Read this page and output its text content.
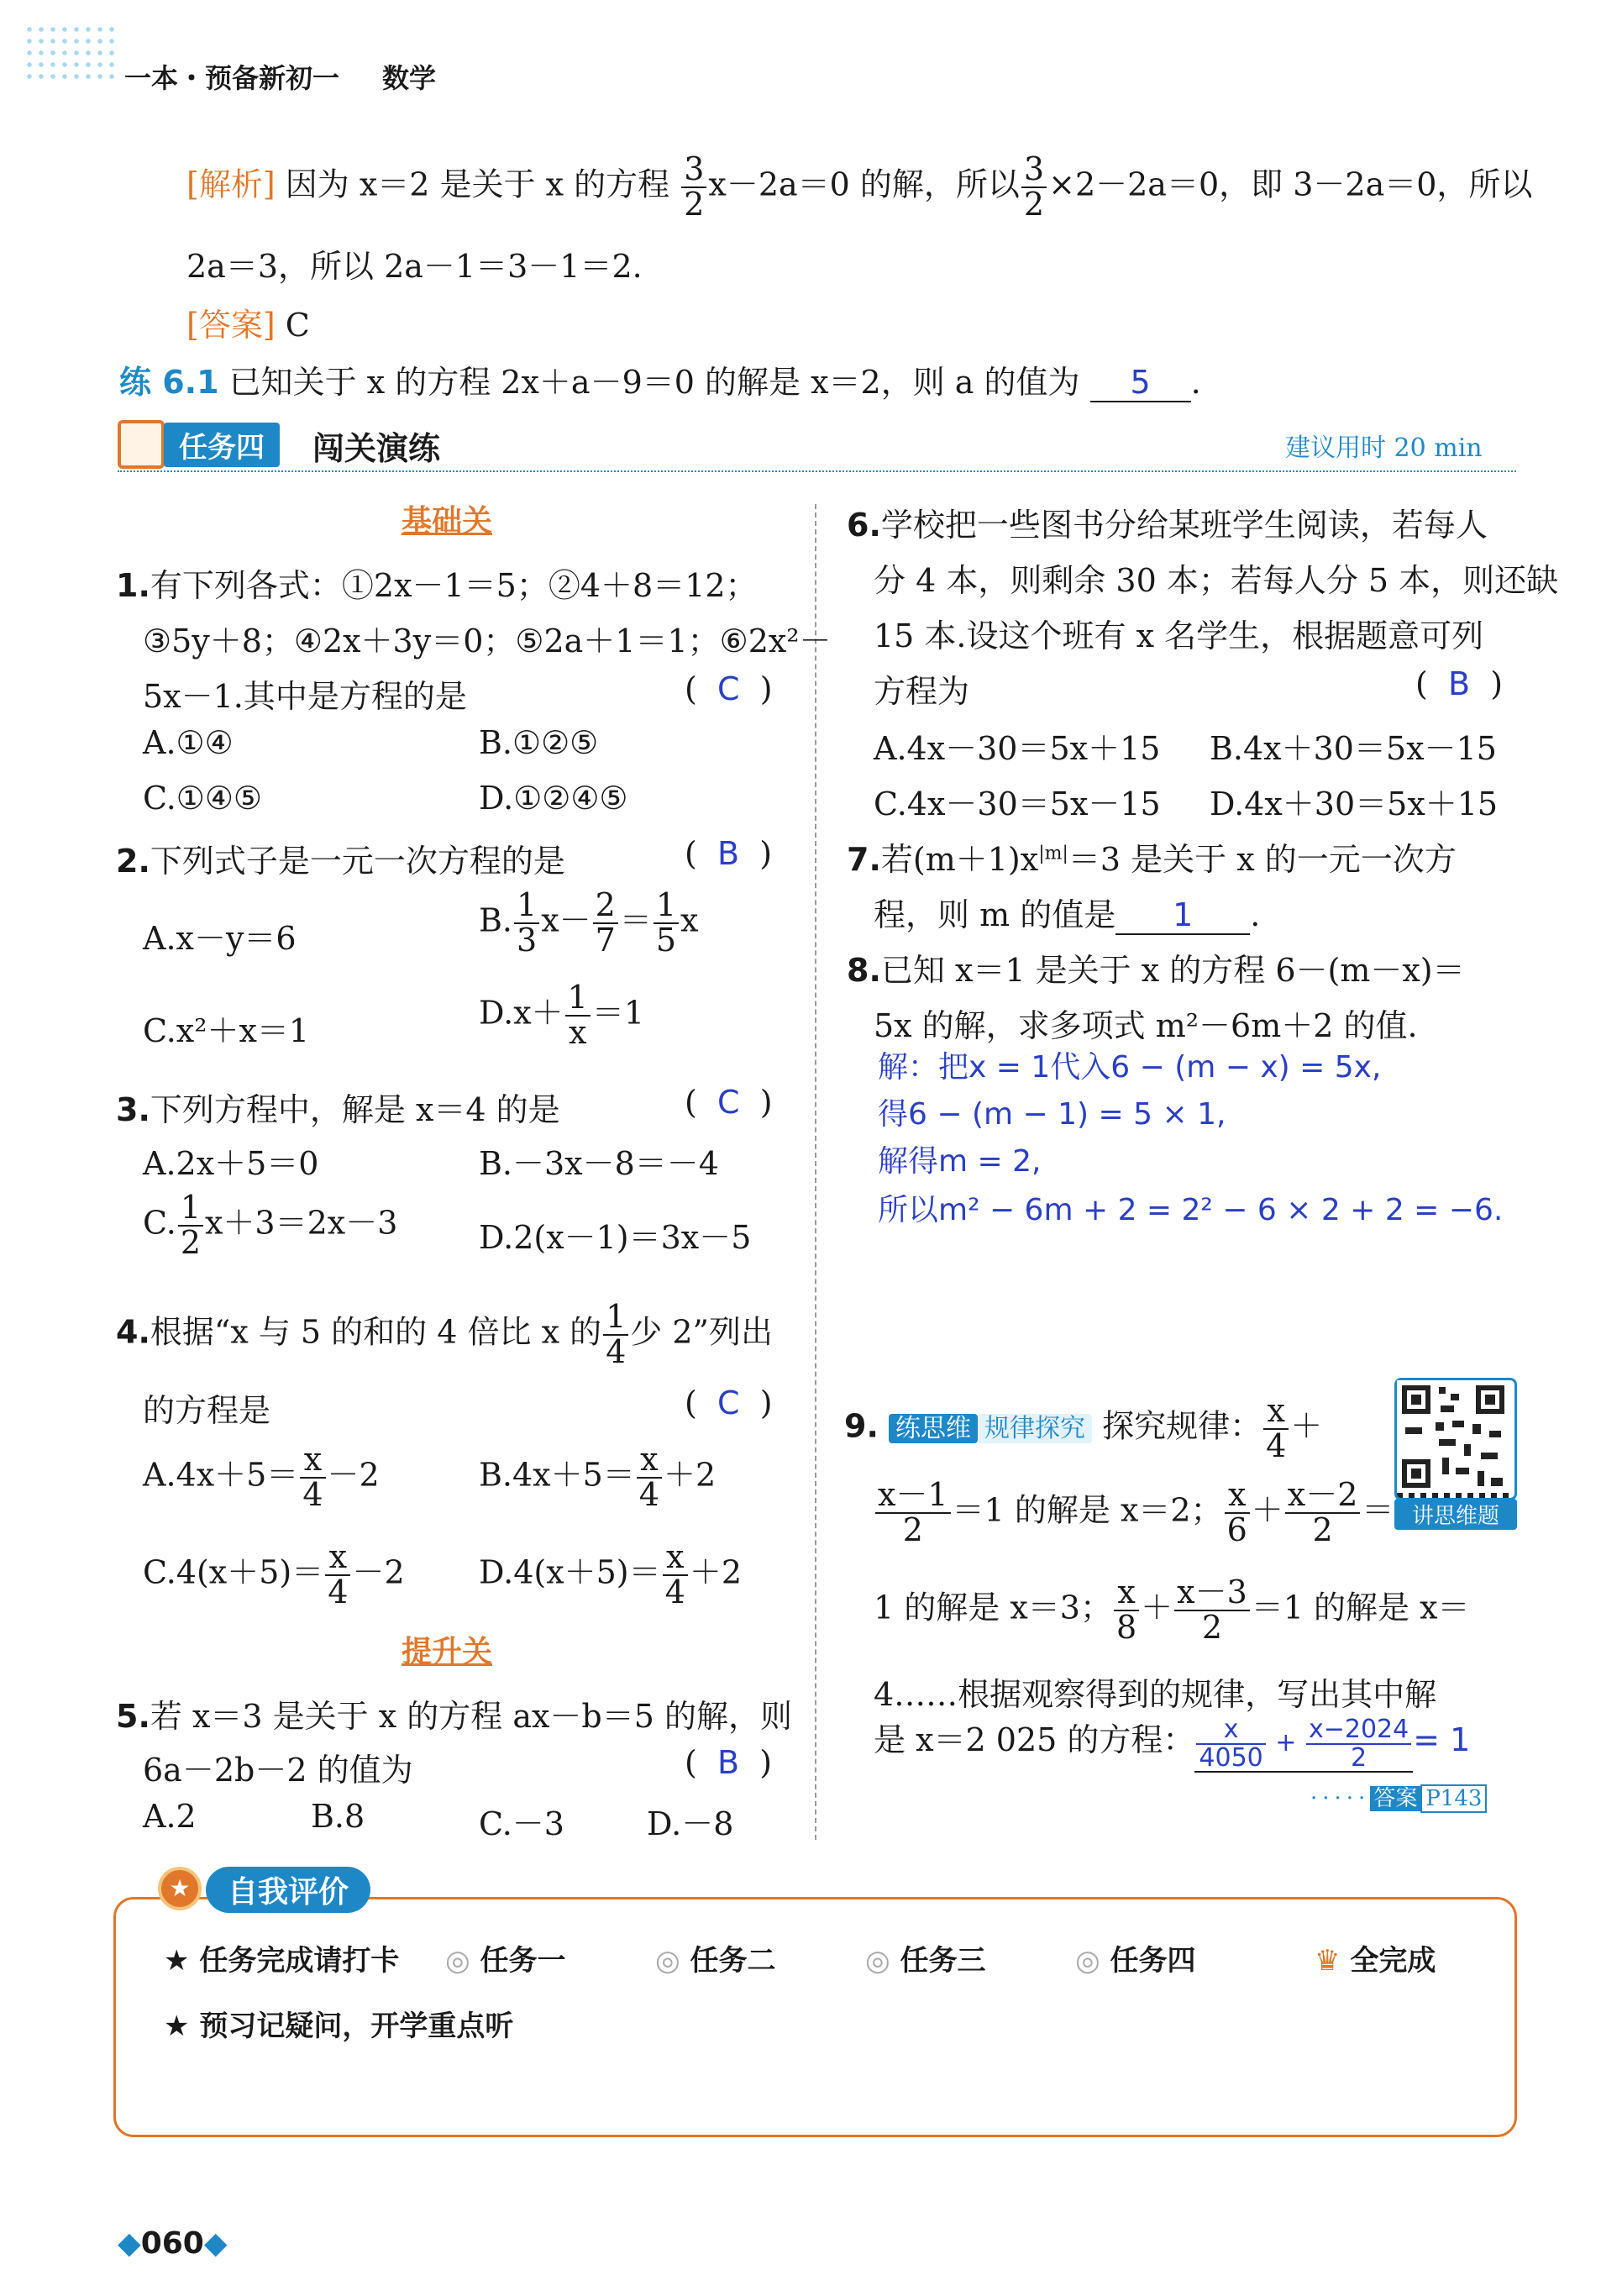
一本・预备新初一 数学
[解析] 因为 x＝2 是关于 x 的方程 $\frac{3}{2} x-2a=0$ 的解，所以 $\frac{3}{2} \times 2-2a=0$，即 3－2a＝0，所以
2a＝3，所以 2a－1＝3－1＝2.
[答案] C
练 6.1 已知关于 x 的方程 2x＋a－9＝0 的解是 x＝2，则 a 的值为 5 .
任务四	闯关演练	建议用时 20 min
基础关
1.有下列各式：①2x－1＝5；②4＋8＝12；
③5y＋8；④2x＋3y＝0；⑤2a＋1＝1；⑥2x²－
5x－1.其中是方程的是	(  C  )
A.①④	B.①②⑤
C.①④⑤	D.①②④⑤
2.下列式子是一元一次方程的是	(  B  )
A.x－y＝6	B. $\frac{1}{3} x- \frac{2}{7} = \frac{1}{5}$ x
C.x²＋x＝1	$D.x+ \frac{1}{x} =1$
3.下列方程中，解是 x＝4 的是	(  C  )
A.2x＋5＝0	B.－3x－8＝－4
C. $\frac{1}{2} x+3=2x-3$	D.2(x－1)＝3x－5
4.根据“x 与 5 的和的 4 倍比 x 的 $\frac{1}{4}$ 少 2”列出
的方程是	(  C  )
$A.4x+5= \frac{x}{4} -2$	$B.4x+5= \frac{x}{4} +2$
$C.4(x+5)= \frac{x}{4} -2$ $D.4(x+5)= \frac{x}{4} +2$
提升关
5.若 x＝3 是关于 x 的方程 ax－b＝5 的解，则
6a－2b－2 的值为	(  B  )
A.2	B.8	C.－3	D.－8
6.学校把一些图书分给某班学生阅读，若每人
分 4 本，则剩余 30 本；若每人分 5 本，则还缺
15 本.设这个班有 x 名学生，根据题意可列
方程为	(  B  )
A.4x－30＝5x＋15 B.4x＋30＝5x－15
C.4x－30＝5x－15 D.4x＋30＝5x＋15
7.若$(m+1)x^{|m|}=3$ 是关于 x 的一元一次方
程，则 m 的值是 1 .
8.已知 x＝1 是关于 x 的方程 6－(m－x)＝
5x 的解，求多项式 m²－6m＋2 的值.
解：把x = 1代入6 − (m − x) = 5x,
得6 − (m − 1) = 5 × 1,
解得m = 2,
所以m² − 6m + 2 = 2² − 6 × 2 + 2 = −6.
9. 练思维 规律探究 探究规律： $\frac{x}{4}$ ＋
$\frac{x-1}{2} =1$ 的解是 x＝2； $\frac{x}{6} + \frac{x-2}{2}$ ＝
1 的解是 x＝3； $\frac{x}{8} + \frac{x-3}{2} =1$ 的解是 x＝
4……根据观察得到的规律，写出其中解
是 x＝2 025 的方程： $\frac{x}{4050} + \frac{x-2024}{2} = 1$
讲思维题
····· 答案 P143
★	自我评价
★ 任务完成请打卡 ◎ 任务一	◎ 任务二	◎ 任务三	◎ 任务四	♛ 全完成
★ 预习记疑问，开学重点听
◆060◆
